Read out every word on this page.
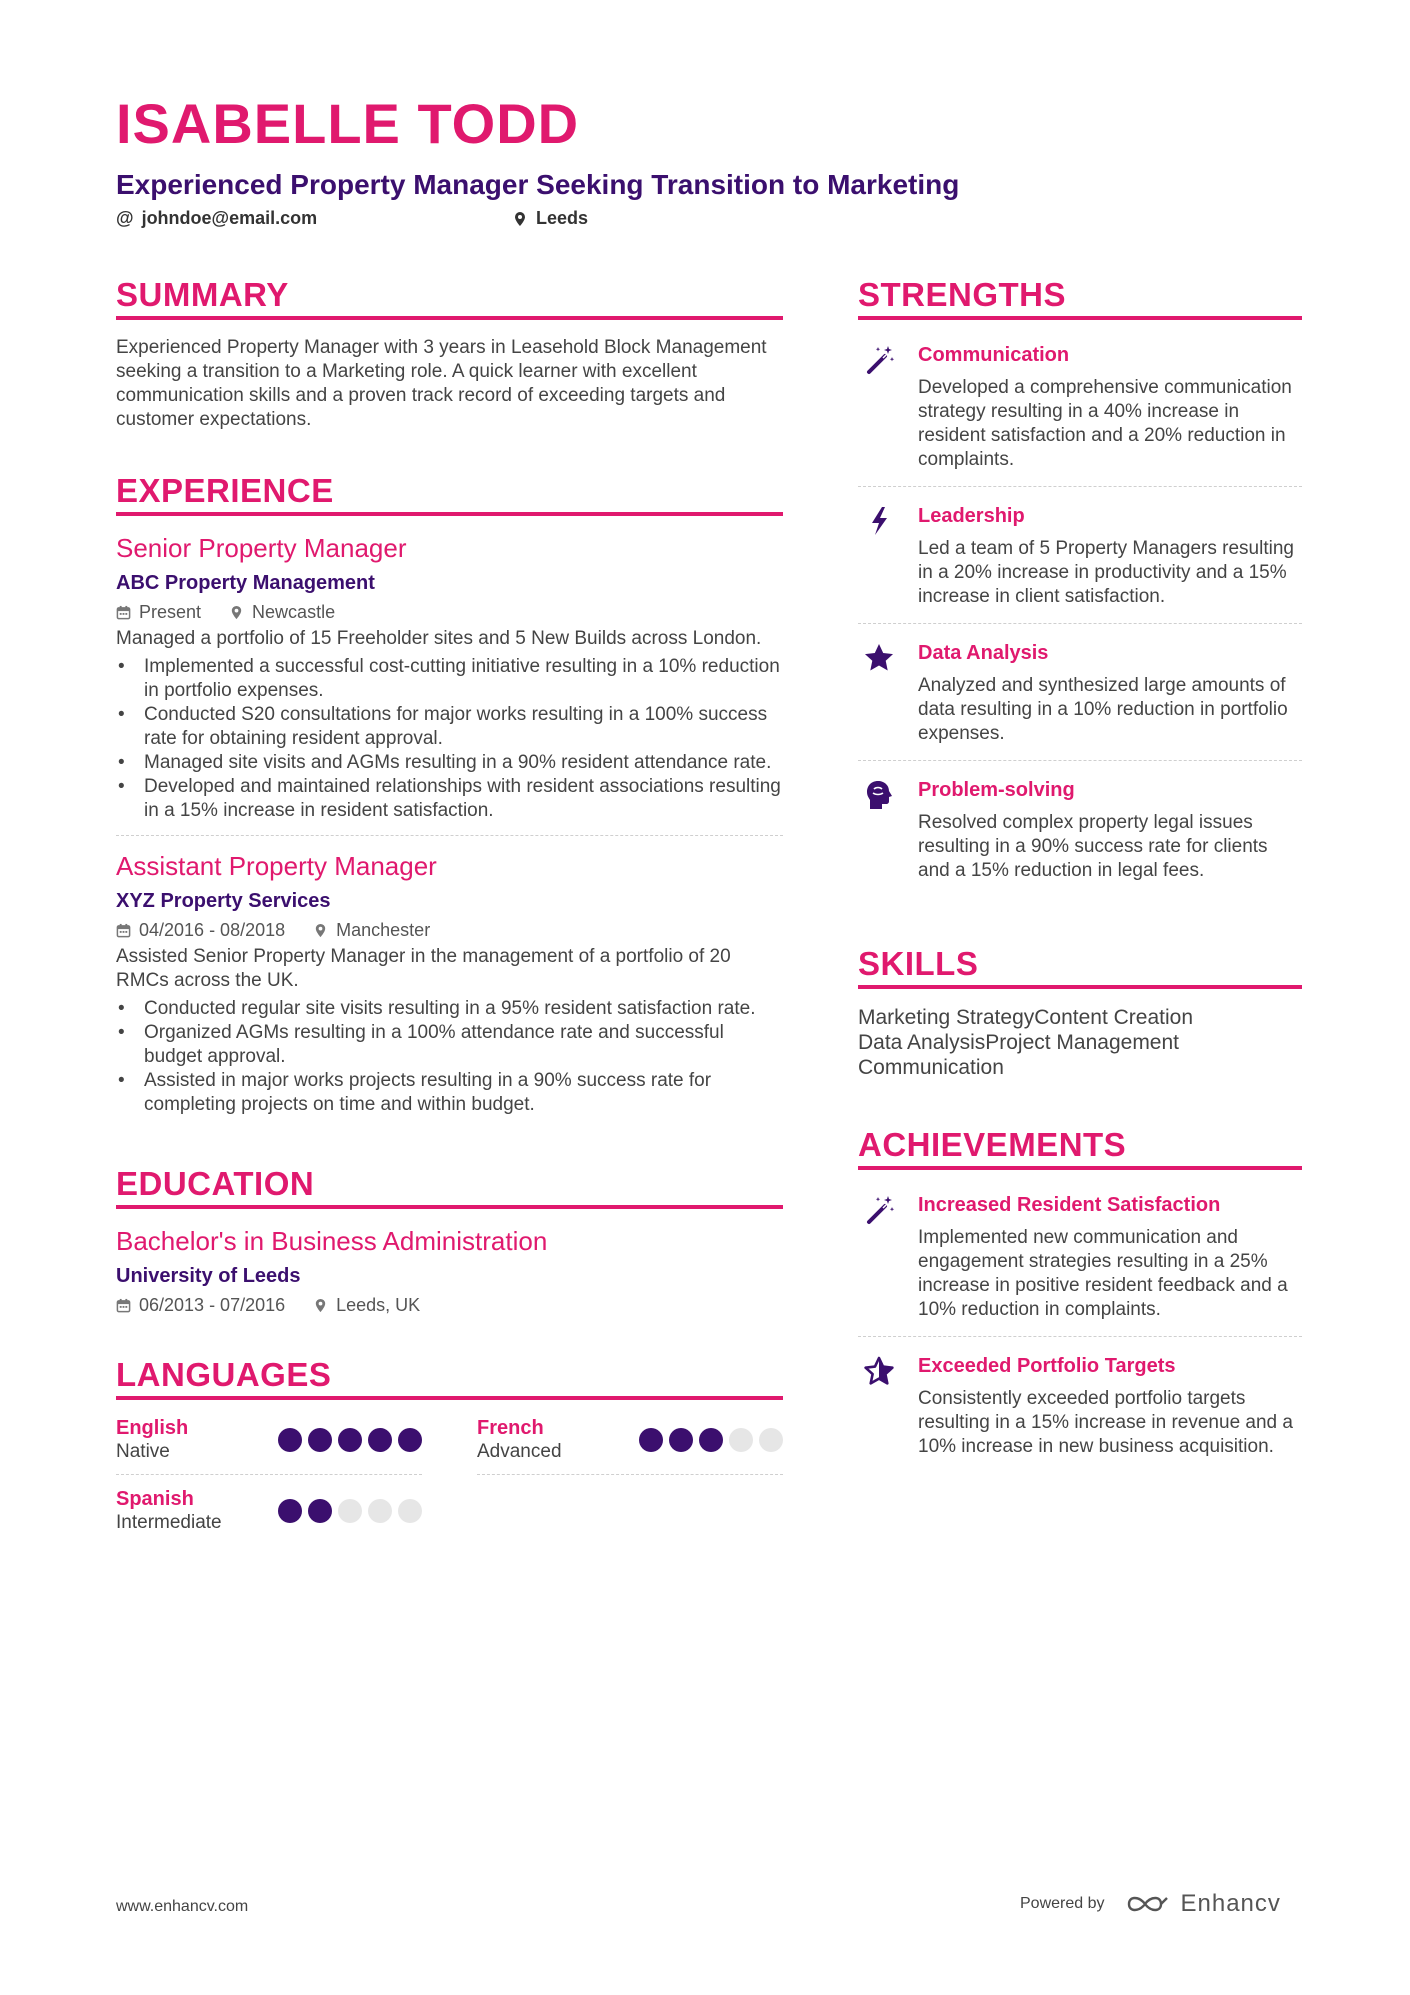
ISABELLE TODD
Experienced Property Manager Seeking Transition to Marketing
@ johndoe@email.com	Leeds
SUMMARY
Experienced Property Manager with 3 years in Leasehold Block Management seeking a transition to a Marketing role. A quick learner with excellent communication skills and a proven track record of exceeding targets and customer expectations.
EXPERIENCE
Senior Property Manager
ABC Property Management
Present	Newcastle
Managed a portfolio of 15 Freeholder sites and 5 New Builds across London.
• Implemented a successful cost-cutting initiative resulting in a 10% reduction in portfolio expenses.
• Conducted S20 consultations for major works resulting in a 100% success rate for obtaining resident approval.
• Managed site visits and AGMs resulting in a 90% resident attendance rate.
• Developed and maintained relationships with resident associations resulting in a 15% increase in resident satisfaction.
Assistant Property Manager
XYZ Property Services
04/2016 - 08/2018	Manchester
Assisted Senior Property Manager in the management of a portfolio of 20 RMCs across the UK.
• Conducted regular site visits resulting in a 95% resident satisfaction rate.
• Organized AGMs resulting in a 100% attendance rate and successful budget approval.
• Assisted in major works projects resulting in a 90% success rate for completing projects on time and within budget.
EDUCATION
Bachelor's in Business Administration
University of Leeds
06/2013 - 07/2016	Leeds, UK
LANGUAGES
English
Native
French
Advanced
Spanish
Intermediate
STRENGTHS
Communication
Developed a comprehensive communication strategy resulting in a 40% increase in resident satisfaction and a 20% reduction in complaints.
Leadership
Led a team of 5 Property Managers resulting in a 20% increase in productivity and a 15% increase in client satisfaction.
Data Analysis
Analyzed and synthesized large amounts of data resulting in a 10% reduction in portfolio expenses.
Problem-solving
Resolved complex property legal issues resulting in a 90% success rate for clients and a 15% reduction in legal fees.
SKILLS
Marketing StrategyContent Creation
Data AnalysisProject Management
Communication
ACHIEVEMENTS
Increased Resident Satisfaction
Implemented new communication and engagement strategies resulting in a 25% increase in positive resident feedback and a 10% reduction in complaints.
Exceeded Portfolio Targets
Consistently exceeded portfolio targets resulting in a 15% increase in revenue and a 10% increase in new business acquisition.
www.enhancv.com	Powered by	Enhancv
